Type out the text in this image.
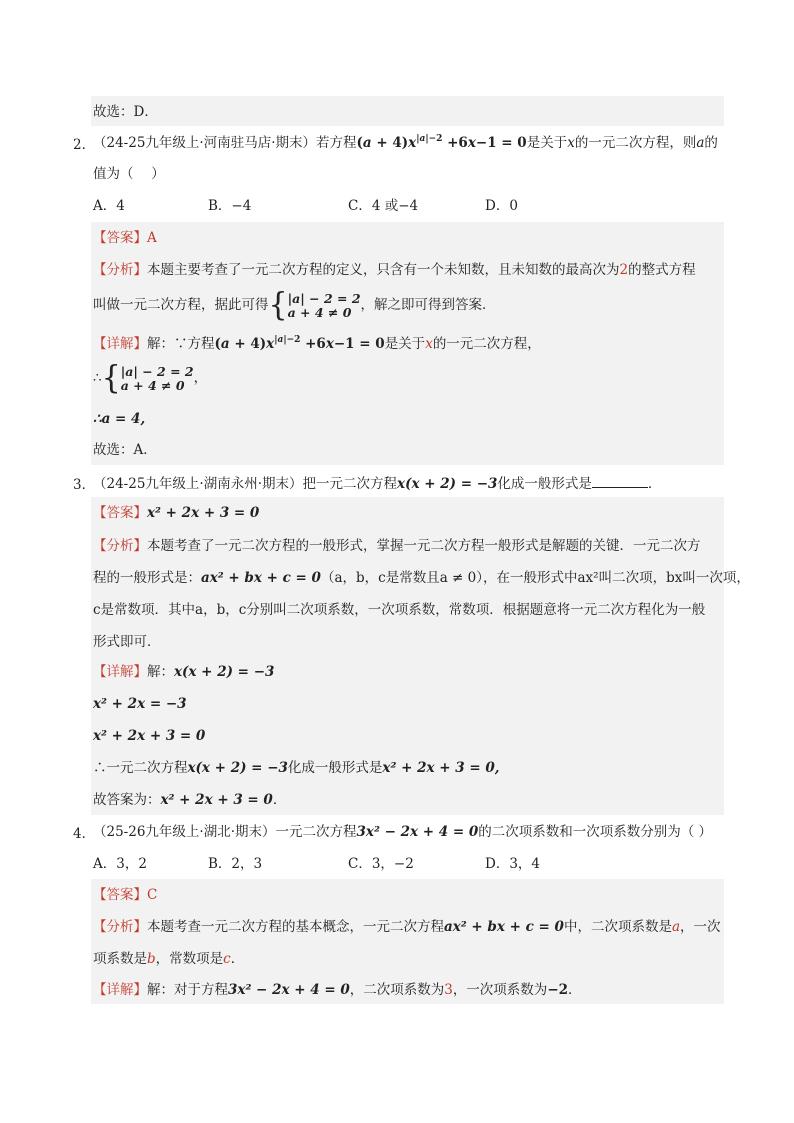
故选：D．
2．
（24-25九年级上·河南驻马店·期末）若方程$(a + 4)x^{|a|-2} +6x-1 = 0$是关于x的一元二次方程，则a的
值为（　 ）
A．4	B．−4	C．4 或−4	D．0
【答案】A
【分析】本题主要考查了一元二次方程的定义，只含有一个未知数，且未知数的最高次为2的整式方程
叫做一元二次方程，据此可得{|a| − 2 = 2
a + 4 ≠ 0 ，解之即可得到答案．
【详解】解：∵方程$(a + 4)x^{|a|-2} +6x-1 = 0$是关于x的一元二次方程，
∴{|a| − 2 = 2
a + 4 ≠ 0 ，
∴a = 4,
故选：A．
3．
（24-25九年级上·湖南永州·期末）把一元二次方程x(x + 2) = −3化成一般形式是	．
【答案】x² + 2x + 3 = 0
【分析】本题考查了一元二次方程的一般形式，掌握一元二次方程一般形式是解题的关键．一元二次方
程的一般形式是：ax² + bx + c = 0（a，b，c是常数且a ≠ 0），在一般形式中ax²叫二次项，bx叫一次项，
c是常数项．其中a，b，c分别叫二次项系数，一次项系数，常数项．根据题意将一元二次方程化为一般
形式即可．
【详解】解：x(x + 2) = −3
x² + 2x = −3
x² + 2x + 3 = 0
∴一元二次方程x(x + 2) = −3化成一般形式是x² + 2x + 3 = 0,
故答案为：x² + 2x + 3 = 0．
4．
（25-26九年级上·湖北·期末）一元二次方程3x² − 2x + 4 = 0的二次项系数和一次项系数分别为（ ）
A．3，2	B．2，3	C．3，−2	D．3，4
【答案】C
【分析】本题考查一元二次方程的基本概念，一元二次方程ax² + bx + c = 0中，二次项系数是a，一次
项系数是b，常数项是c．
【详解】解：对于方程3x² − 2x + 4 = 0，二次项系数为3，一次项系数为−2．
